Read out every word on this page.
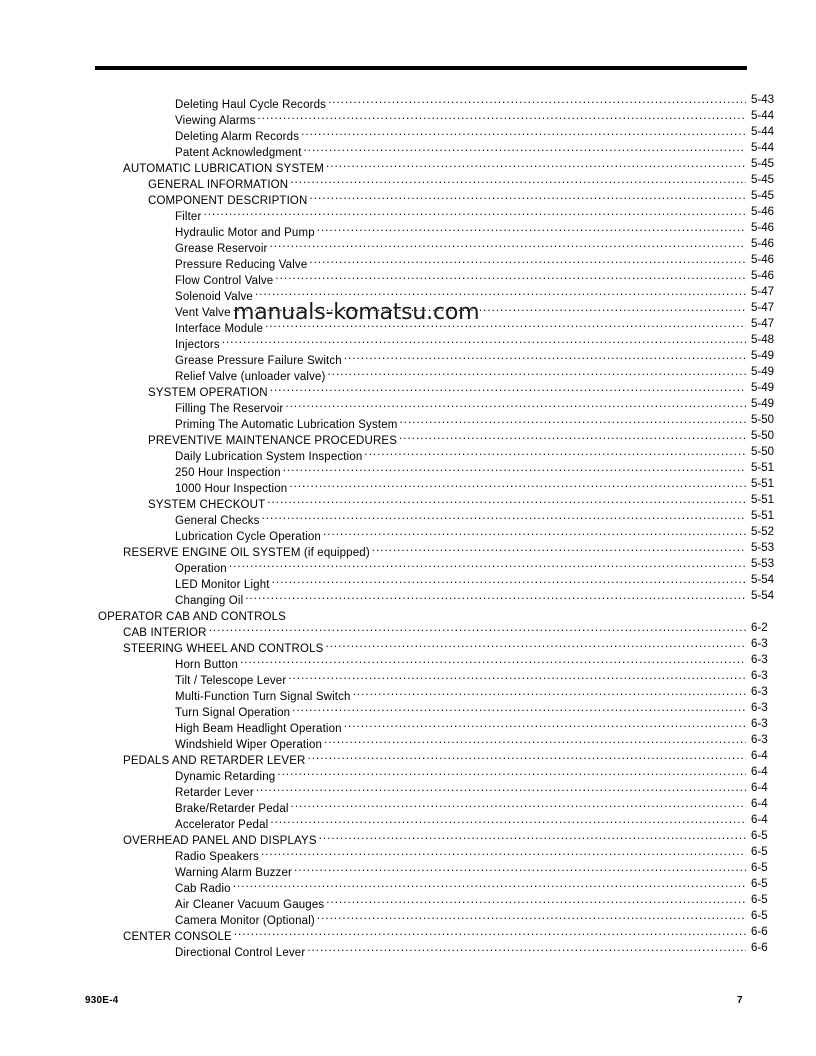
Deleting Haul Cycle Records .....	5-43
Viewing Alarms .....	5-44
Deleting Alarm Records .....	5-44
Patent Acknowledgment .....	5-44
AUTOMATIC LUBRICATION SYSTEM .....	5-45
GENERAL INFORMATION .....	5-45
COMPONENT DESCRIPTION .....	5-45
Filter .....	5-46
Hydraulic Motor and Pump .....	5-46
Grease Reservoir .....	5-46
Pressure Reducing Valve .....	5-46
Flow Control Valve .....	5-46
Solenoid Valve .....	5-47
Vent Valve .....	5-47
Interface Module .....	5-47
Injectors .....	5-48
Grease Pressure Failure Switch .....	5-49
Relief Valve (unloader valve) .....	5-49
SYSTEM OPERATION .....	5-49
Filling The Reservoir .....	5-49
Priming The Automatic Lubrication System .....	5-50
PREVENTIVE MAINTENANCE PROCEDURES .....	5-50
Daily Lubrication System Inspection .....	5-50
250 Hour Inspection .....	5-51
1000 Hour Inspection .....	5-51
SYSTEM CHECKOUT .....	5-51
General Checks .....	5-51
Lubrication Cycle Operation .....	5-52
RESERVE ENGINE OIL SYSTEM (if equipped) .....	5-53
Operation .....	5-53
LED Monitor Light .....	5-54
Changing Oil .....	5-54
OPERATOR CAB AND CONTROLS
CAB INTERIOR .....	6-2
STEERING WHEEL AND CONTROLS .....	6-3
Horn Button .....	6-3
Tilt / Telescope Lever .....	6-3
Multi-Function Turn Signal Switch .....	6-3
Turn Signal Operation .....	6-3
High Beam Headlight Operation .....	6-3
Windshield Wiper Operation .....	6-3
PEDALS AND RETARDER LEVER .....	6-4
Dynamic Retarding .....	6-4
Retarder Lever .....	6-4
Brake/Retarder Pedal .....	6-4
Accelerator Pedal .....	6-4
OVERHEAD PANEL AND DISPLAYS .....	6-5
Radio Speakers .....	6-5
Warning Alarm Buzzer .....	6-5
Cab Radio .....	6-5
Air Cleaner Vacuum Gauges .....	6-5
Camera Monitor (Optional) .....	6-5
CENTER CONSOLE .....	6-6
Directional Control Lever .....	6-6
manuals-komatsu.com
930E-4	7
